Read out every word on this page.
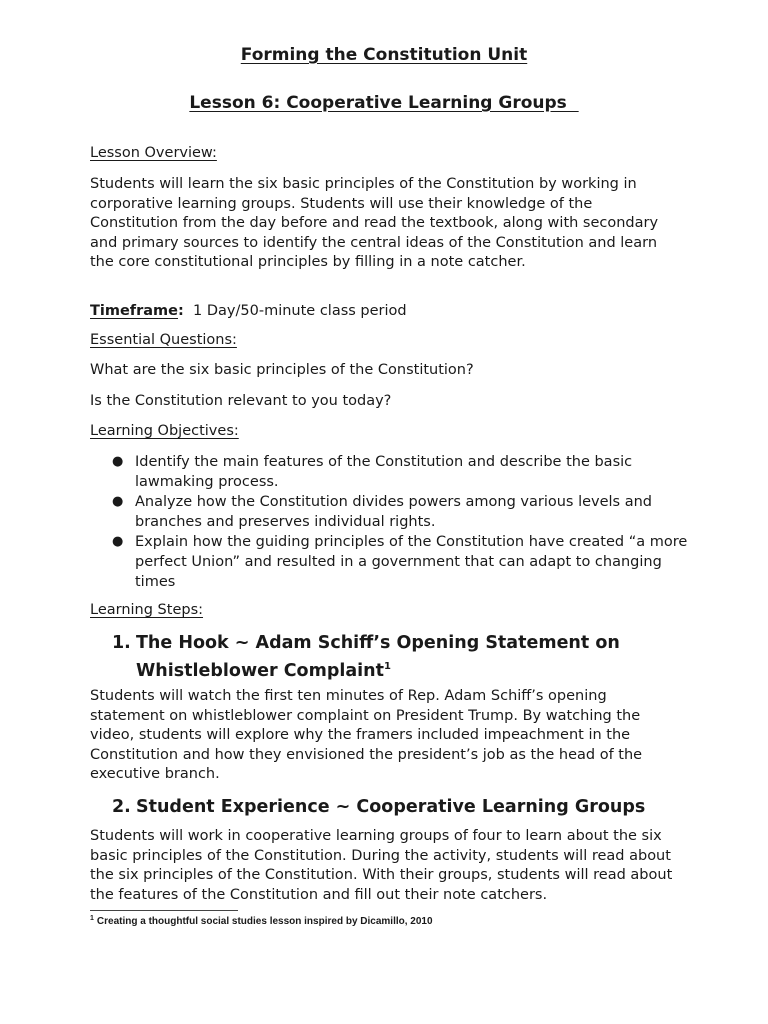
Forming the Constitution Unit
Lesson 6: Cooperative Learning Groups
Lesson Overview:

Students will learn the six basic principles of the Constitution by working in corporative learning groups. Students will use their knowledge of the Constitution from the day before and read the textbook, along with secondary and primary sources to identify the central ideas of the Constitution and learn the core constitutional principles by filling in a note catcher.

Timeframe: 1 Day/50-minute class period
Essential Questions:
What are the six basic principles of the Constitution?
Is the Constitution relevant to you today?
Learning Objectives:
● Identify the main features of the Constitution and describe the basic lawmaking process.
● Analyze how the Constitution divides powers among various levels and branches and preserves individual rights.
● Explain how the guiding principles of the Constitution have created “a more perfect Union” and resulted in a government that can adapt to changing times
Learning Steps:
1. The Hook ~ Adam Schiff’s Opening Statement on Whistleblower Complaint$^1$

Students will watch the first ten minutes of Rep. Adam Schiff’s opening statement on whistleblower complaint on President Trump. By watching the video, students will explore why the framers included impeachment in the Constitution and how they envisioned the president’s job as the head of the executive branch.

2. Student Experience ~ Cooperative Learning Groups

Students will work in cooperative learning groups of four to learn about the six basic principles of the Constitution. During the activity, students will read about the six principles of the Constitution. With their groups, students will read about the features of the Constitution and fill out their note catchers.

$^1$ Creating a thoughtful social studies lesson inspired by Dicamillo, 2010
